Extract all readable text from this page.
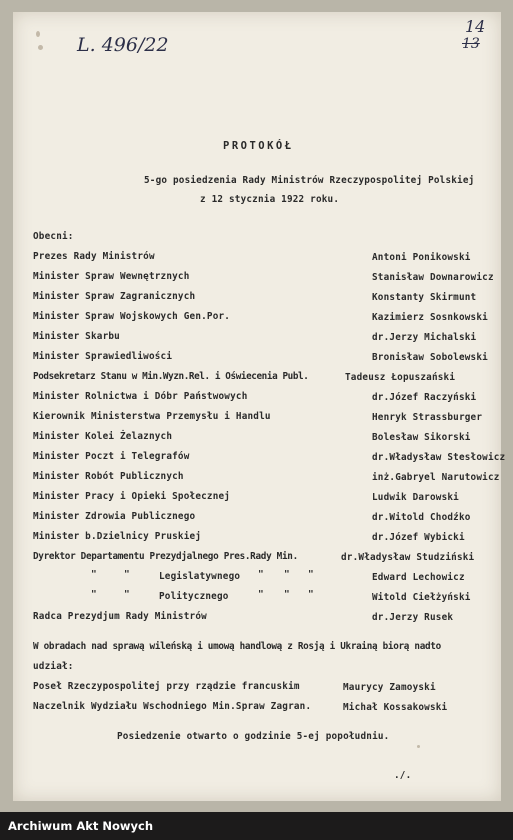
L. 496/22
14
13
PROTOKÓŁ
5-go posiedzenia Rady Ministrów Rzeczypospolitej Polskiej
z 12 stycznia 1922 roku.
Obecni:
Prezes Rady Ministrów	Antoni Ponikowski
Minister Spraw Wewnętrznych	Stanisław Downarowicz
Minister Spraw Zagranicznych	Konstanty Skirmunt
Minister Spraw Wojskowych Gen.Por.	Kazimierz Sosnkowski
Minister Skarbu	dr.Jerzy Michalski
Minister Sprawiedliwości	Bronisław Sobolewski
Podsekretarz Stanu w Min.Wyzn.Rel. i Oświecenia Publ.	Tadeusz Łopuszański
Minister Rolnictwa i Dóbr Państwowych	dr.Józef Raczyński
Kierownik Ministerstwa Przemysłu i Handlu	Henryk Strassburger
Minister Kolei Żelaznych	Bolesław Sikorski
Minister Poczt i Telegrafów	dr.Władysław Stesłowicz
Minister Robót Publicznych	inż.Gabryel Narutowicz
Minister Pracy i Opieki Społecznej	Ludwik Darowski
Minister Zdrowia Publicznego	dr.Witold Chodźko
Minister b.Dzielnicy Pruskiej	dr.Józef Wybicki
Dyrektor Departamentu Prezydjalnego Pres.Rady Min.	dr.Władysław Studziński
"	"	Legislatywnego " " "	Edward Lechowicz
"	"	Politycznego	" " "	Witold Ciełżyński
Radca Prezydjum Rady Ministrów	dr.Jerzy Rusek
W obradach nad sprawą wileńską i umową handlową z Rosją i Ukrainą biorą nadto
udział:
Poseł Rzeczypospolitej przy rządzie francuskim	Maurycy Zamoyski
Naczelnik Wydziału Wschodniego Min.Spraw Zagran.	Michał Kossakowski
Posiedzenie otwarto o godzinie 5-ej popołudniu.
./.
Archiwum Akt Nowych
